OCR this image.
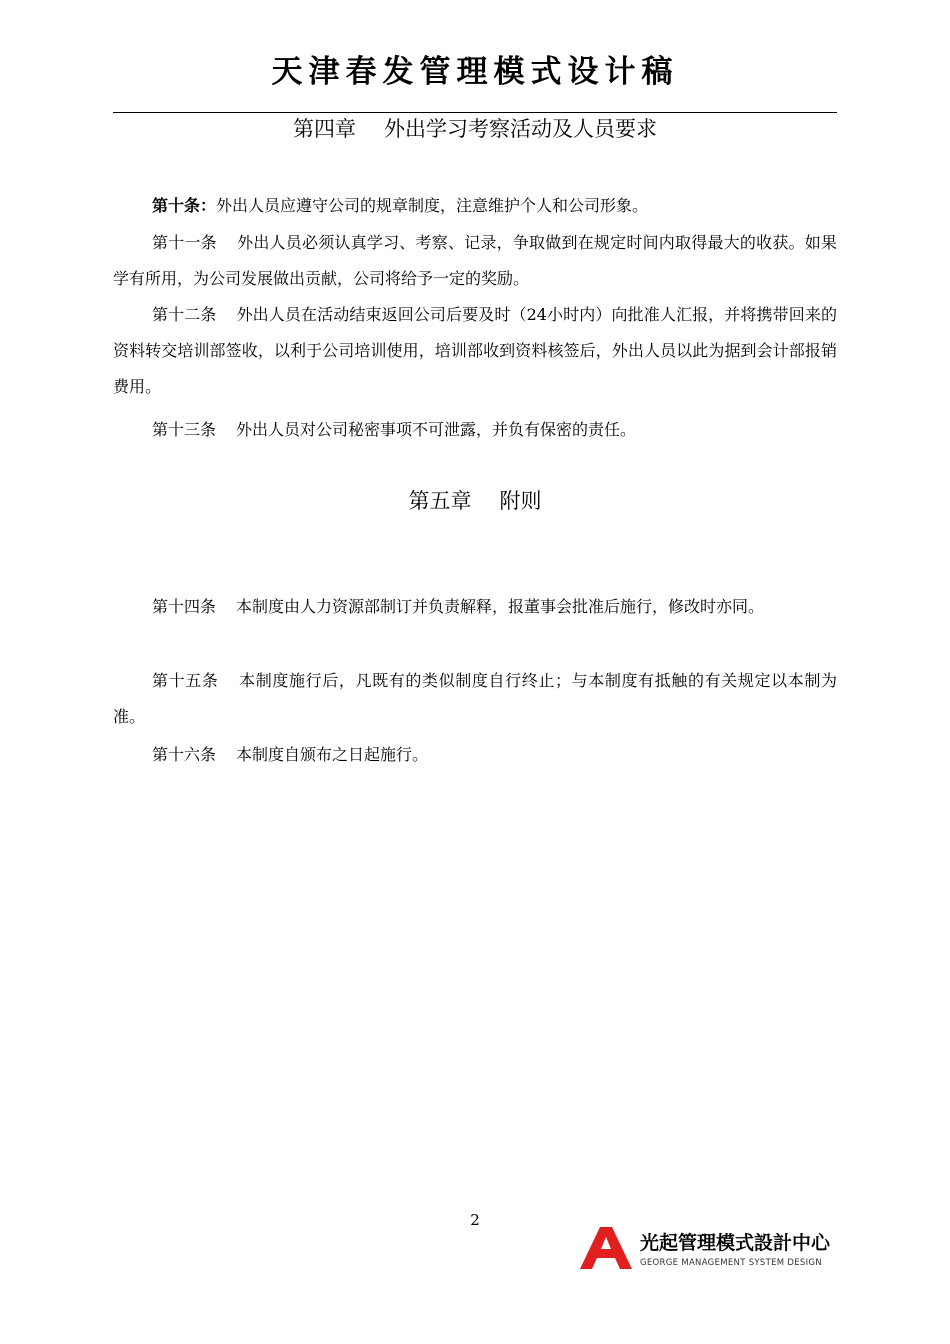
天津春发管理模式设计稿
第四章 外出学习考察活动及人员要求
第十条：外出人员应遵守公司的规章制度，注意维护个人和公司形象。
第十一条 外出人员必须认真学习、考察、记录，争取做到在规定时间内取得最大的收获。如果学有所用，为公司发展做出贡献，公司将给予一定的奖励。
第十二条 外出人员在活动结束返回公司后要及时（24小时内）向批准人汇报，并将携带回来的资料转交培训部签收，以利于公司培训使用，培训部收到资料核签后，外出人员以此为据到会计部报销费用。
第十三条 外出人员对公司秘密事项不可泄露，并负有保密的责任。
第五章 附则
第十四条 本制度由人力资源部制订并负责解释，报董事会批准后施行，修改时亦同。
第十五条 本制度施行后，凡既有的类似制度自行终止；与本制度有抵触的有关规定以本制为准。
第十六条 本制度自颁布之日起施行。
2
光起管理模式設計中心
GEORGE MANAGEMENT SYSTEM DESIGN
